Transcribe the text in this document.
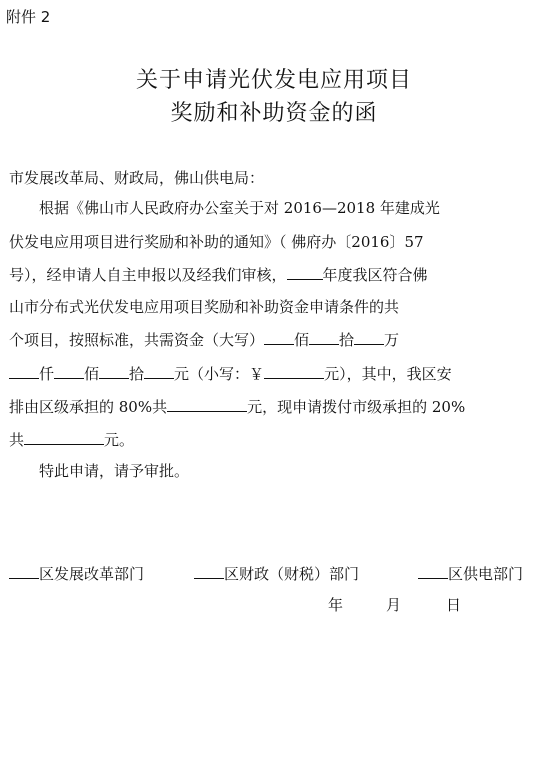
附件 2
关于申请光伏发电应用项目
奖励和补助资金的函
市发展改革局、财政局，佛山供电局：
根据《佛山市人民政府办公室关于对 2016—2018 年建成光
伏发电应用项目进行奖励和补助的通知》（ 佛府办〔2016〕57
号），经申请人自主申报以及经我们审核， 年度我区符合佛
山市分布式光伏发电应用项目奖励和补助资金申请条件的共
个项目，按照标准，共需资金（大写） 佰 拾 万
仟 佰 拾 元（小写：￥	元），其中，我区安
排由区级承担的 80%共	元，现申请拨付市级承担的 20%
共	元。
特此申请，请予审批。
区发展改革部门	区财政（财税）部门	区供电部门
年	月	日
